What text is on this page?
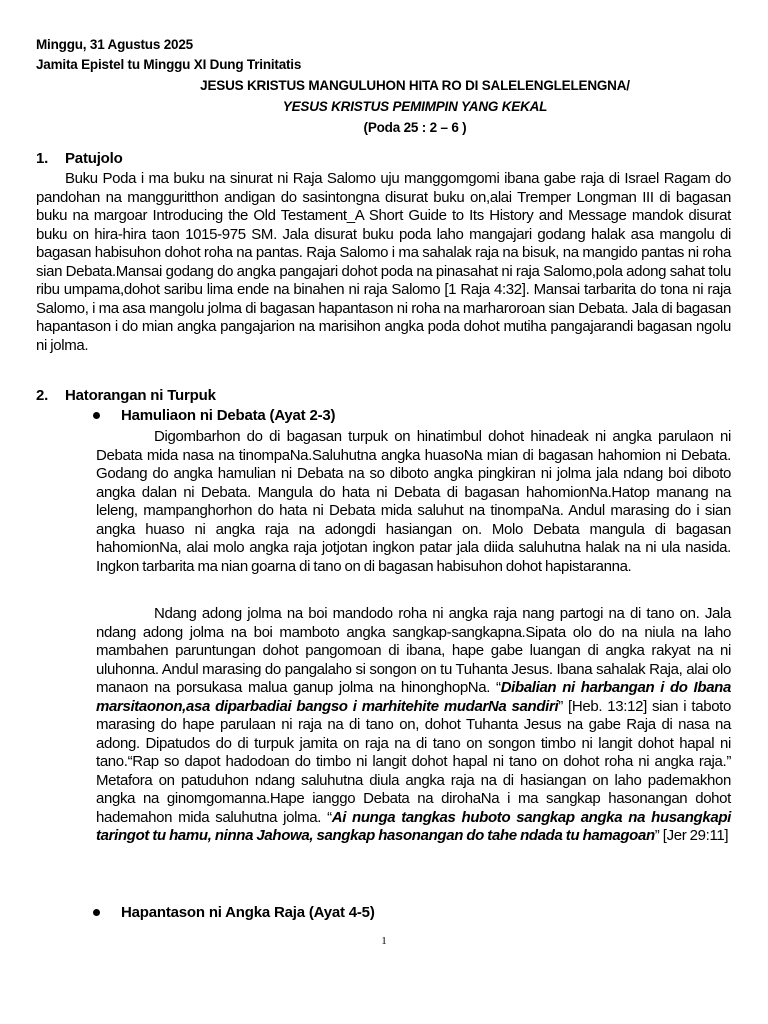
Minggu, 31 Agustus 2025
Jamita Epistel tu Minggu XI Dung Trinitatis
JESUS KRISTUS MANGULUHON HITA RO DI SALELENGLELENGNA/
YESUS KRISTUS PEMIMPIN YANG KEKAL
(Poda 25 : 2 – 6 )
1. Patujolo

Buku Poda i ma buku na sinurat ni Raja Salomo uju manggomgomi ibana gabe raja di Israel Ragam do pandohan na mangguritthon andigan do sasintongna disurat buku on,alai Tremper Longman III di bagasan buku na margoar Introducing the Old Testament_A Short Guide to Its History and Message mandok disurat buku on hira-hira taon 1015-975 SM. Jala disurat buku poda laho mangajari godang halak asa mangolu di bagasan habisuhon dohot roha na pantas. Raja Salomo i ma sahalak raja na bisuk, na mangido pantas ni roha sian Debata.Mansai godang do angka pangajari dohot poda na pinasahat ni raja Salomo,pola adong sahat tolu ribu umpama,dohot saribu lima ende na binahen ni raja Salomo [1 Raja 4:32]. Mansai tarbarita do tona ni raja Salomo, i ma asa mangolu jolma di bagasan hapantason ni roha na marharoroan sian Debata. Jala di bagasan hapantason i do mian angka pangajarion na marisihon angka poda dohot mutiha pangajarandi bagasan ngolu ni jolma.

2. Hatorangan ni Turpuk
Hamuliaon ni Debata (Ayat 2-3)

Digombarhon do di bagasan turpuk on hinatimbul dohot hinadeak ni angka parulaon ni Debata mida nasa na tinompaNa.Saluhutna angka huasoNa mian di bagasan hahomion ni Debata. Godang do angka hamulian ni Debata na so diboto angka pingkiran ni jolma jala ndang boi diboto angka dalan ni Debata. Mangula do hata ni Debata di bagasan hahomionNa.Hatop manang na leleng, mampanghorhon do hata ni Debata mida saluhut na tinompaNa. Andul marasing do i sian angka huaso ni angka raja na adongdi hasiangan on. Molo Debata mangula di bagasan hahomionNa, alai molo angka raja jotjotan ingkon patar jala diida saluhutna halak na ni ula nasida. Ingkon tarbarita ma nian goarna di tano on di bagasan habisuhon dohot hapistaranna.

Ndang adong jolma na boi mandodo roha ni angka raja nang partogi na di tano on. Jala ndang adong jolma na boi mamboto angka sangkap-sangkapna.Sipata olo do na niula na laho mambahen paruntungan dohot pangomoan di ibana, hape gabe luangan di angka rakyat na ni uluhonna. Andul marasing do pangalaho si songon on tu Tuhanta Jesus. Ibana sahalak Raja, alai olo manaon na porsukasa malua ganup jolma na hinonghopNa. “Dibalian ni harbangan i do Ibana marsitaonon,asa diparbadiai bangso i marhitehite mudarNa sandiri” [Heb. 13:12] sian i taboto marasing do hape parulaan ni raja na di tano on, dohot Tuhanta Jesus na gabe Raja di nasa na adong. Dipatudos do di turpuk jamita on raja na di tano on songon timbo ni langit dohot hapal ni tano.“Rap so dapot hadodoan do timbo ni langit dohot hapal ni tano on dohot roha ni angka raja.” Metafora on patuduhon ndang saluhutna diula angka raja na di hasiangan on laho pademakhon angka na ginomgomanna.Hape ianggo Debata na dirohaNa i ma sangkap hasonangan dohot hademahon mida saluhutna jolma. “Ai nunga tangkas huboto sangkap angka na husangkapi taringot tu hamu, ninna Jahowa, sangkap hasonangan do tahe ndada tu hamagoan” [Jer 29:11]

Hapantason ni Angka Raja (Ayat 4-5)
1
